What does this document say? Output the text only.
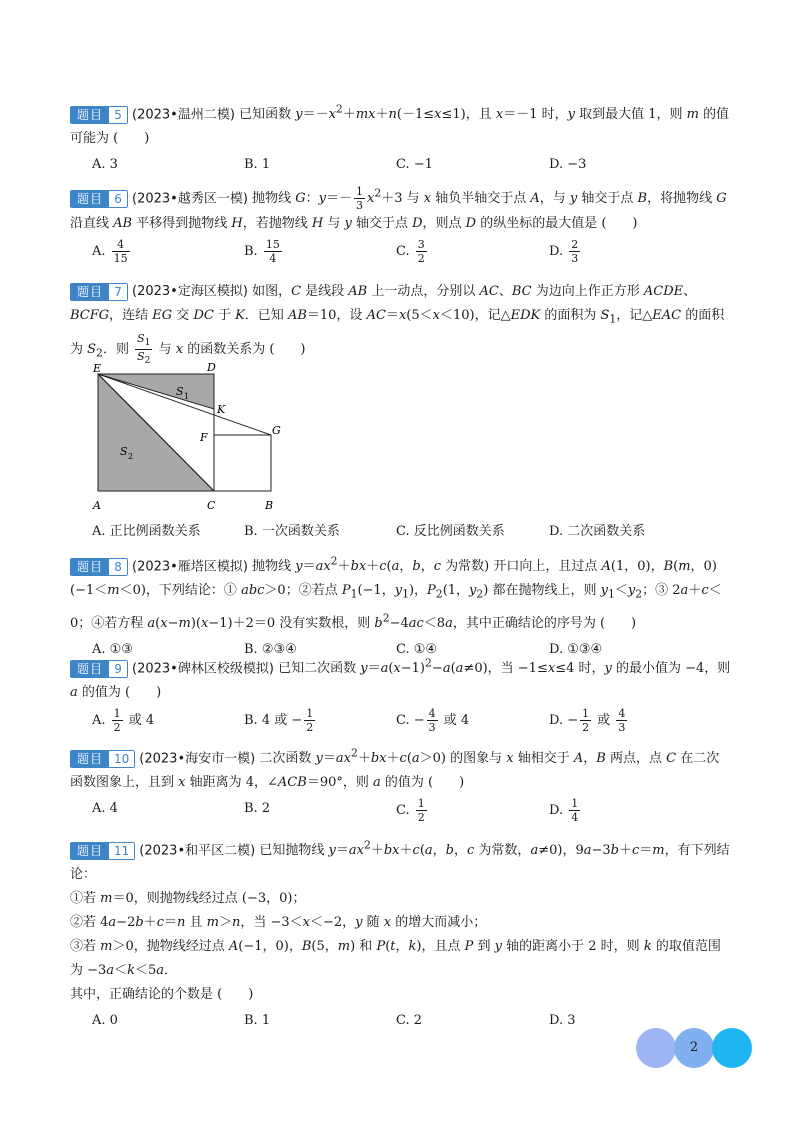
题目 5 (2023•温州二模) 已知函数 $y=-x^2+mx+n(-1\le x\le 1)$，且 x＝－1 时，y 取到最大值 1，则 m 的值可能为 (　　)

A. 3	B. 1	C. −1	D. −3

题目 6 (2023•越秀区一模) 抛物线 G：$y=- \frac{1}{3} x^2+3$ 与 x 轴负半轴交于点 A，与 y 轴交于点 B，将抛物线 G 沿直线 AB 平移得到抛物线 H，若抛物线 H 与 y 轴交于点 D，则点 D 的纵坐标的最大值是 (　　)

A. $\frac{4}{15}$	B. $\frac{15}{4}$	C. $\frac{3}{2}$	D. $\frac{2}{3}$

题目 7 (2023•定海区模拟) 如图，C 是线段 AB 上一动点，分别以 AC、BC 为边向上作正方形 ACDE、BCFG，连结 EG 交 DC 于 K．已知 AB＝10，设 AC＝x(5＜x＜10)，记△EDK 的面积为 $S_1$，记△EAC 的面积为 $S_2$．则 $\frac{S_1}{S_2}$ 与 x 的函数关系为 (　　)

E	D
S 1
K
F
G
S 2
A	C	B
A. 正比例函数关系	B. 一次函数关系	C. 反比例函数关系	D. 二次函数关系

题目 8 (2023•雁塔区模拟) 抛物线 $y=ax^2+bx+c(a$，b，c 为常数) 开口向上，且过点 A(1，0)，B(m，0) (−1＜m＜0)，下列结论：① abc＞0；②若点 $P_1(-1$，$y_1$)，$P_2(1$，$y_2$) 都在抛物线上，则 $y_1<y_2$；③ 2a＋c＜0；④若方程 a(x−m)(x−1)＋2＝0 没有实数根，则 $b^2-4ac<8a$，其中正确结论的序号为 (　　)

A. ①③	B. ②③④	C. ①④	D. ①③④

题目 9 (2023•碑林区校级模拟) 已知二次函数 $y=a(x-1)^2-a(a\ne 0)$，当 −1≤x≤4 时，y 的最小值为 −4，则 a 的值为 (　　)

A. $\frac{1}{2}$ 或 4	B. 4 或 − $\frac{1}{2}$	C. − $\frac{4}{3}$ 或 4	D. − $\frac{1}{2}$ 或 $\frac{4}{3}$

题目 10 (2023•海安市一模) 二次函数 $y=ax^2+bx+c(a>0)$ 的图象与 x 轴相交于 A，B 两点，点 C 在二次函数图象上，且到 x 轴距离为 4，∠ACB＝90°，则 a 的值为 (　　)

A. 4	B. 2	C. $\frac{1}{2}$	D. $\frac{1}{4}$

题目 11 (2023•和平区二模) 已知抛物线 $y=ax^2+bx+c(a$，b，c 为常数，a≠0)，9a−3b＋c＝m，有下列结论：
①若 m＝0，则抛物线经过点 (−3，0)；
②若 4a−2b＋c＝n 且 m＞n，当 −3＜x＜−2，y 随 x 的增大而减小；
③若 m＞0，抛物线经过点 A(−1，0)，B(5，m) 和 P(t，k)，且点 P 到 y 轴的距离小于 2 时，则 k 的取值范围为 −3a＜k＜5a．
其中，正确结论的个数是 (　　)

A. 0	B. 1	C. 2	D. 3
2
